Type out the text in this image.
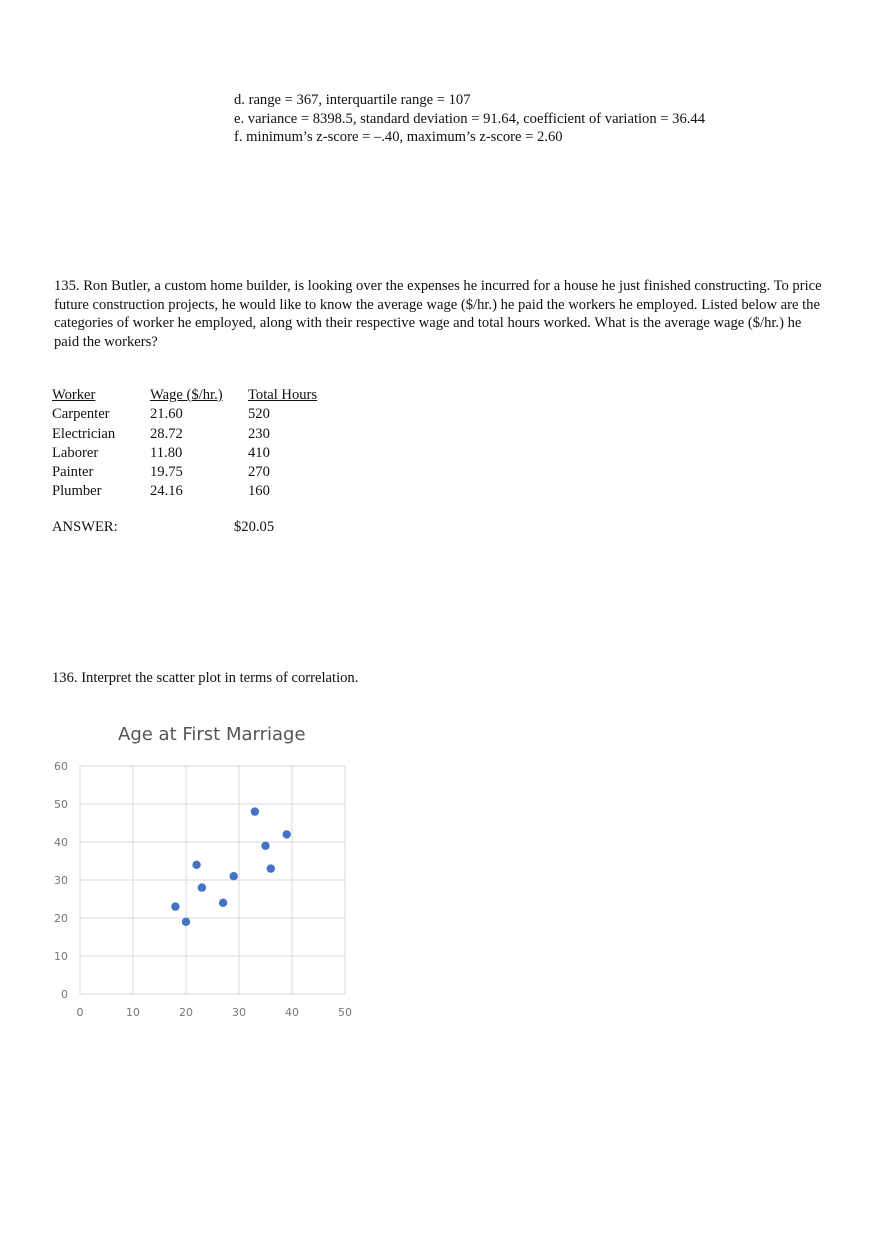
d. range = 367, interquartile range = 107
e. variance = 8398.5, standard deviation = 91.64, coefficient of variation = 36.44
f. minimum’s z-score = –.40, maximum’s z-score = 2.60
135. Ron Butler, a custom home builder, is looking over the expenses he incurred for a house he just finished constructing. To price future construction projects, he would like to know the average wage ($/hr.) he paid the workers he employed. Listed below are the categories of worker he employed, along with their respective wage and total hours worked. What is the average wage ($/hr.) he paid the workers?
Worker	Wage ($/hr.)	Total Hours
Carpenter	21.60	520
Electrician	28.72	230
Laborer	11.80	410
Painter	19.75	270
Plumber	24.16	160
ANSWER:	$20.05
136. Interpret the scatter plot in terms of correlation.
Age at First Marriage
0
10
20
30
40
50
60
0	10	20	30	40	50
